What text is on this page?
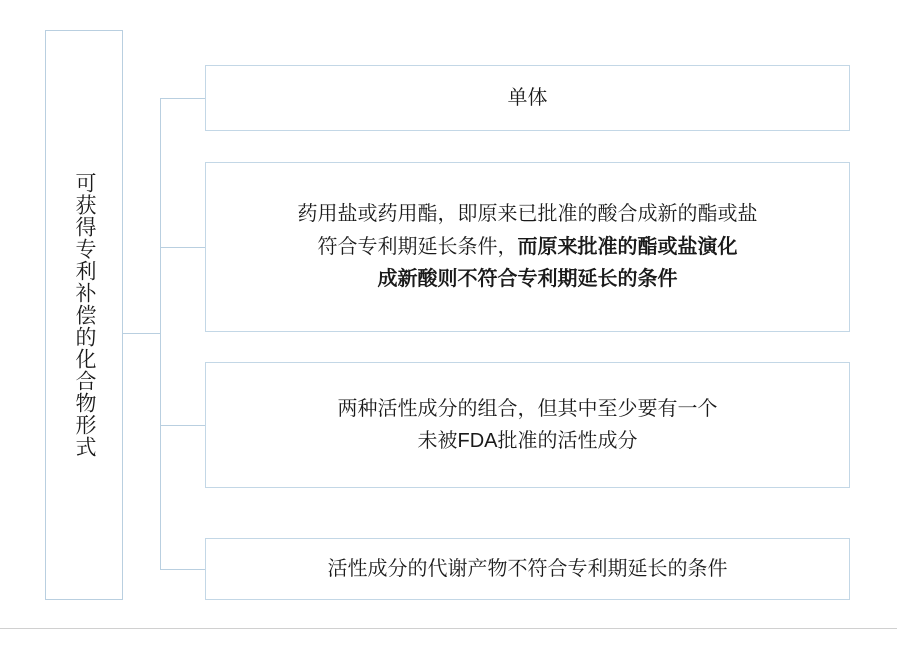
可获得专利补偿的化合物形式
单体
药用盐或药用酯，即原来已批准的酸合成新的酯或盐
符合专利期延长条件，而原来批准的酯或盐演化
成新酸则不符合专利期延长的条件
两种活性成分的组合，但其中至少要有一个
未被FDA批准的活性成分
活性成分的代谢产物不符合专利期延长的条件
